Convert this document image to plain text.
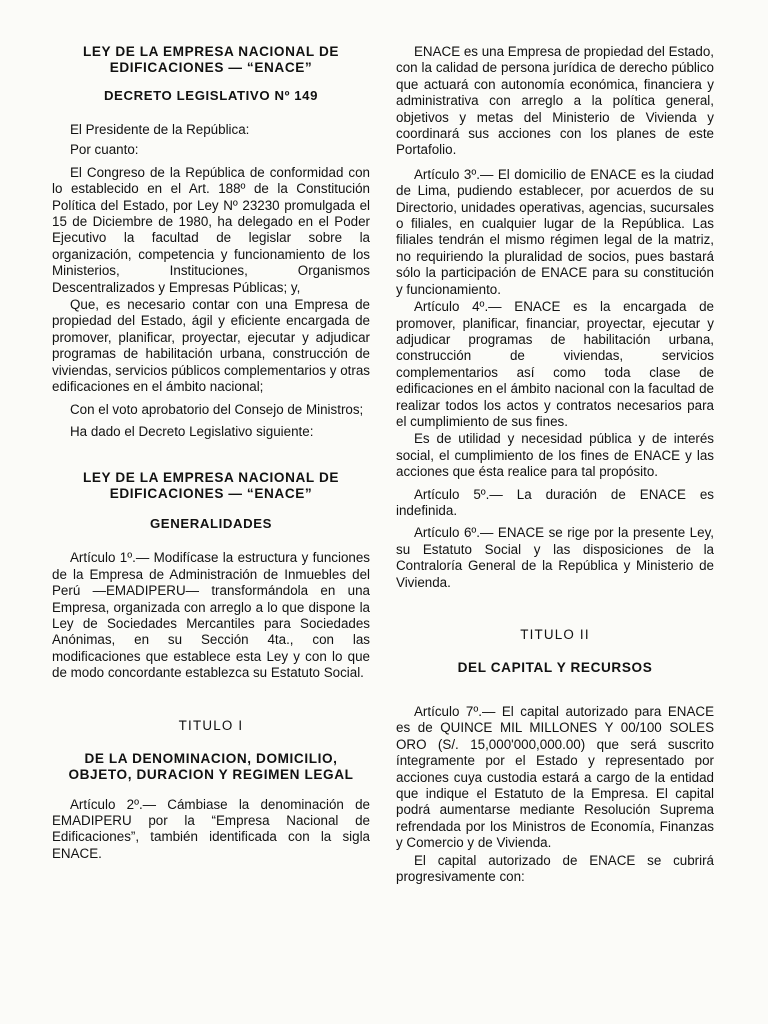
LEY DE LA EMPRESA NACIONAL DE EDIFICACIONES — “ENACE”
DECRETO LEGISLATIVO Nº 149

El Presidente de la República:

Por cuanto:

El Congreso de la República de conformidad con lo establecido en el Art. 188º de la Constitución Política del Estado, por Ley Nº 23230 promulgada el 15 de Diciembre de 1980, ha delegado en el Poder Ejecutivo la facultad de legislar sobre la organización, competencia y funcionamiento de los Ministerios, Instituciones, Organismos Descentralizados y Empresas Públicas; y,

Que, es necesario contar con una Empresa de propiedad del Estado, ágil y eficiente encargada de promover, planificar, proyectar, ejecutar y adjudicar programas de habilitación urbana, construcción de viviendas, servicios públicos complementarios y otras edificaciones en el ámbito nacional;

Con el voto aprobatorio del Consejo de Ministros;

Ha dado el Decreto Legislativo siguiente:

LEY DE LA EMPRESA NACIONAL DE EDIFICACIONES — “ENACE”
GENERALIDADES

Artículo 1º.— Modifícase la estructura y funciones de la Empresa de Administración de Inmuebles del Perú —EMADIPERU— transformándola en una Empresa, organizada con arreglo a lo que dispone la Ley de Sociedades Mercantiles para Sociedades Anónimas, en su Sección 4ta., con las modificaciones que establece esta Ley y con lo que de modo concordante establezca su Estatuto Social.

TITULO I
DE LA DENOMINACION, DOMICILIO, OBJETO, DURACION Y REGIMEN LEGAL

Artículo 2º.— Cámbiase la denominación de EMADIPERU por la “Empresa Nacional de Edificaciones”, también identificada con la sigla ENACE.

ENACE es una Empresa de propiedad del Estado, con la calidad de persona jurídica de derecho público que actuará con autonomía económica, financiera y administrativa con arreglo a la política general, objetivos y metas del Ministerio de Vivienda y coordinará sus acciones con los planes de este Portafolio.

Artículo 3º.— El domicilio de ENACE es la ciudad de Lima, pudiendo establecer, por acuerdos de su Directorio, unidades operativas, agencias, sucursales o filiales, en cualquier lugar de la República. Las filiales tendrán el mismo régimen legal de la matriz, no requiriendo la pluralidad de socios, pues bastará sólo la participación de ENACE para su constitución y funcionamiento.

Artículo 4º.— ENACE es la encargada de promover, planificar, financiar, proyectar, ejecutar y adjudicar programas de habilitación urbana, construcción de viviendas, servicios complementarios así como toda clase de edificaciones en el ámbito nacional con la facultad de realizar todos los actos y contratos necesarios para el cumplimiento de sus fines.

Es de utilidad y necesidad pública y de interés social, el cumplimiento de los fines de ENACE y las acciones que ésta realice para tal propósito.

Artículo 5º.— La duración de ENACE es indefinida.

Artículo 6º.— ENACE se rige por la presente Ley, su Estatuto Social y las disposiciones de la Contraloría General de la República y Ministerio de Vivienda.

TITULO II
DEL CAPITAL Y RECURSOS

Artículo 7º.— El capital autorizado para ENACE es de QUINCE MIL MILLONES Y 00/100 SOLES ORO (S/. 15,000'000,000.00) que será suscrito íntegramente por el Estado y representado por acciones cuya custodia estará a cargo de la entidad que indique el Estatuto de la Empresa. El capital podrá aumentarse mediante Resolución Suprema refrendada por los Ministros de Economía, Finanzas y Comercio y de Vivienda.

El capital autorizado de ENACE se cubrirá progresivamente con:
